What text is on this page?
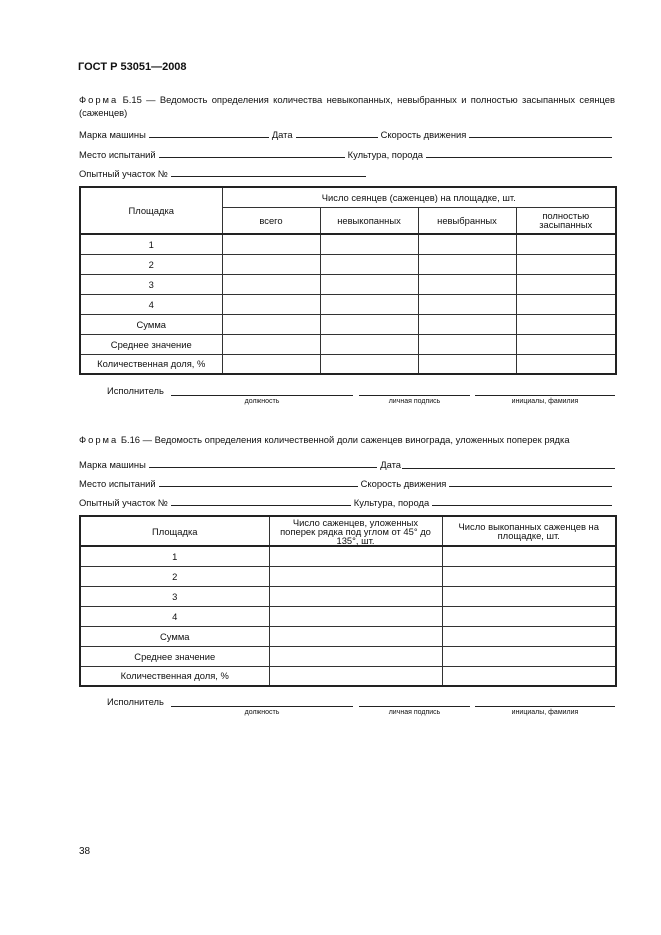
ГОСТ Р 53051—2008
Форма Б.15 — Ведомость определения количества невыкопанных, невыбранных и полностью засыпанных сеянцев (саженцев)
Марка машины	Дата	Скорость движения
Место испытаний	Культура, порода
Опытный участок №
Площадка	Число сеянцев (саженцев) на площадке, шт.			
	всего	невыкопанных	невыбранных	полностью засыпанных
1				
2				
3				
4				
Сумма				
Среднее значение				
Количественная доля, %				
Исполнитель
должность	личная подпись	инициалы, фамилия
Форма Б.16 — Ведомость определения количественной доли саженцев винограда, уложенных поперек рядка
Марка машины	Дата
Место испытаний	Скорость движения
Опытный участок №	Культура, порода
Площадка	Число саженцев, уложенных поперек рядка под углом от 45° до 135°, шт.	Число выкопанных саженцев на площадке, шт.
1		
2		
3		
4		
Сумма		
Среднее значение		
Количественная доля, %		
Исполнитель
должность	личная подпись	инициалы, фамилия
38
